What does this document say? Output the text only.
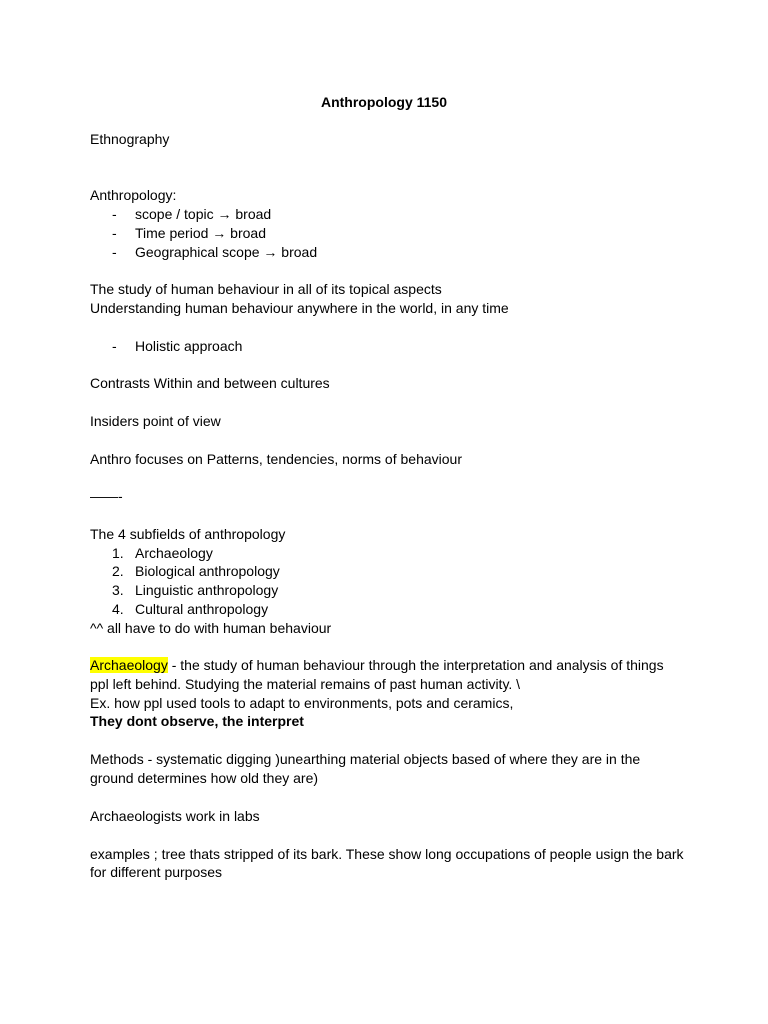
Anthropology 1150
Ethnography
Anthropology:
- scope / topic → broad
- Time period → broad
- Geographical scope → broad
The study of human behaviour in all of its topical aspects
Understanding human behaviour anywhere in the world, in any time
- Holistic approach
Contrasts Within and between cultures
Insiders point of view
Anthro focuses on Patterns, tendencies, norms of behaviour
——-
The 4 subfields of anthropology
1. Archaeology
2. Biological anthropology
3. Linguistic anthropology
4. Cultural anthropology
^^ all have to do with human behaviour
Archaeology - the study of human behaviour through the interpretation and analysis of things
ppl left behind. Studying the material remains of past human activity. \
Ex. how ppl used tools to adapt to environments, pots and ceramics,
They dont observe, the interpret
Methods - systematic digging )unearthing material objects based of where they are in the
ground determines how old they are)
Archaeologists work in labs
examples ; tree thats stripped of its bark. These show long occupations of people usign the bark
for different purposes
